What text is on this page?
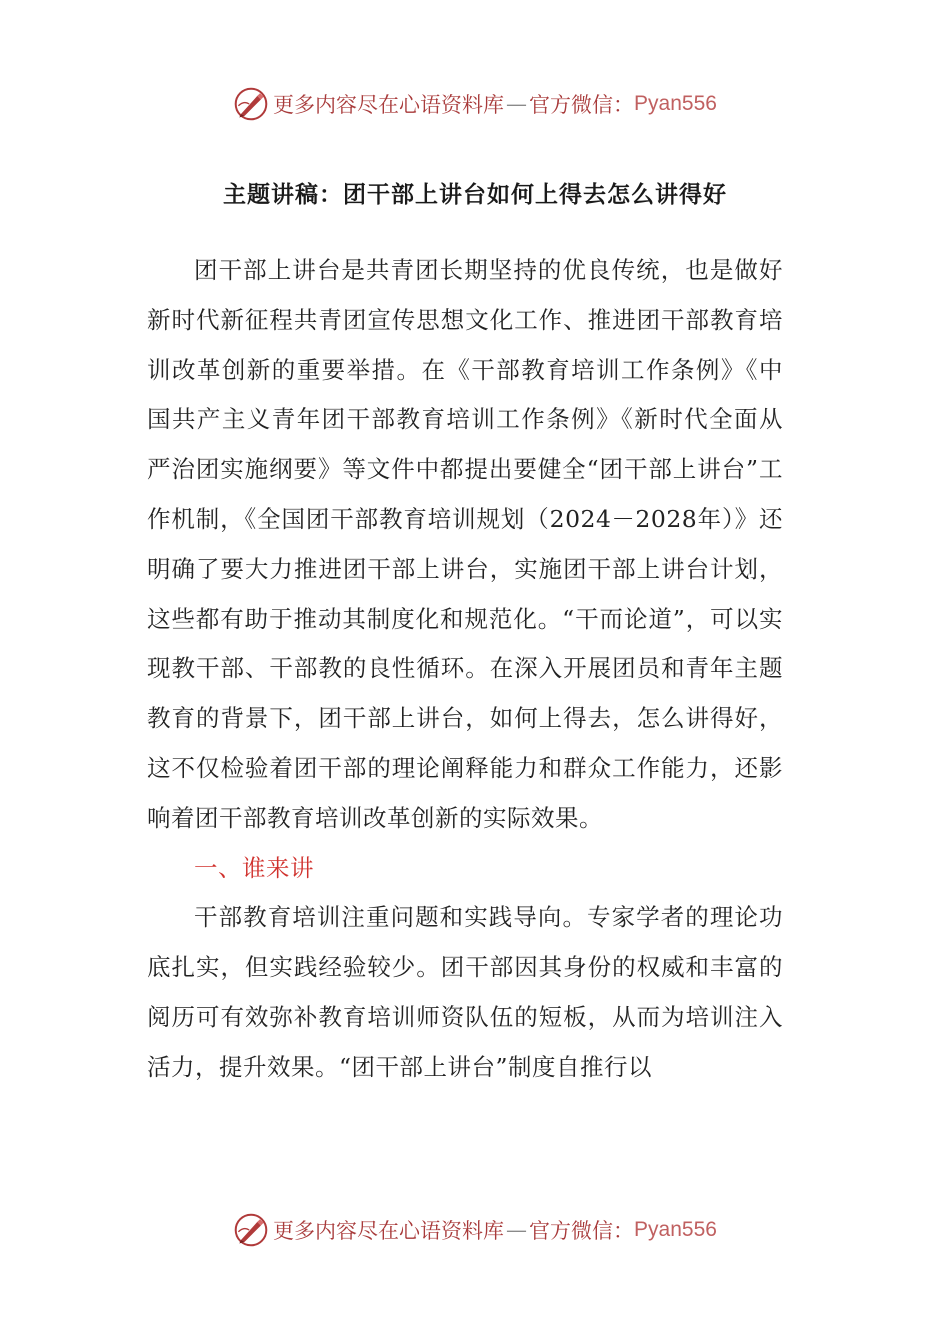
更多内容尽在心语资料库 — 官方微信： Pyan556
主题讲稿：团干部上讲台如何上得去怎么讲得好

团干部上讲台是共青团长期坚持的优良传统，也是做好新时代新征程共青团宣传思想文化工作、推进团干部教育培训改革创新的重要举措。在《干部教育培训工作条例》《中国共产主义青年团干部教育培训工作条例》《新时代全面从严治团实施纲要》等文件中都提出要健全“团干部上讲台”工作机制，《全国团干部教育培训规划（2024－2028年）》还明确了要大力推进团干部上讲台，实施团干部上讲台计划，这些都有助于推动其制度化和规范化。“干而论道”，可以实现教干部、干部教的良性循环。在深入开展团员和青年主题教育的背景下，团干部上讲台，如何上得去，怎么讲得好，这不仅检验着团干部的理论阐释能力和群众工作能力，还影响着团干部教育培训改革创新的实际效果。

一、谁来讲

干部教育培训注重问题和实践导向。专家学者的理论功底扎实，但实践经验较少。团干部因其身份的权威和丰富的阅历可有效弥补教育培训师资队伍的短板，从而为培训注入活力，提升效果。“团干部上讲台”制度自推行以

更多内容尽在心语资料库 — 官方微信： Pyan556
